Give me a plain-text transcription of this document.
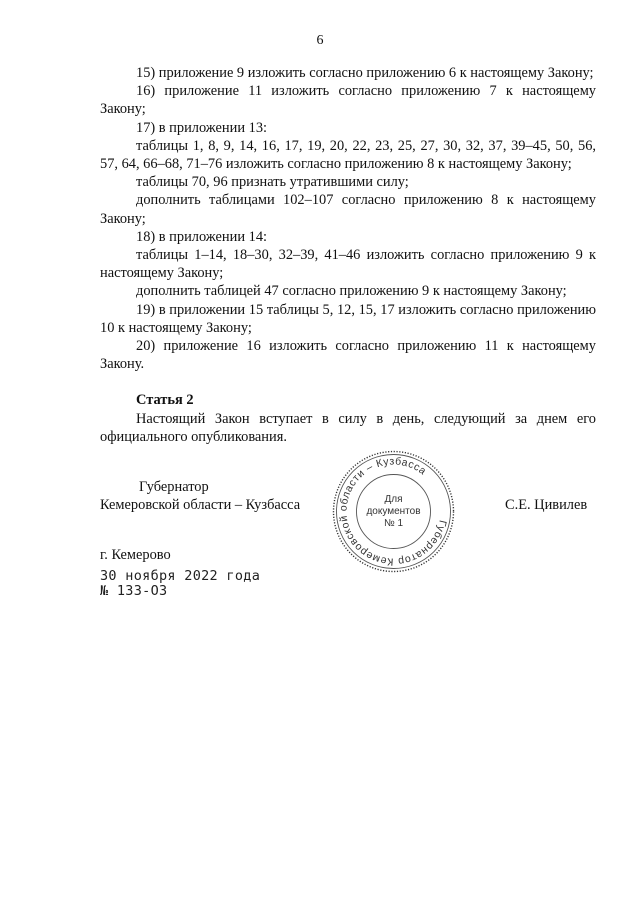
6

15) приложение 9 изложить согласно приложению 6 к настоящему Закону;

16) приложение 11 изложить согласно приложению 7 к настоящему Закону;

17) в приложении 13:

таблицы 1, 8, 9, 14, 16, 17, 19, 20, 22, 23, 25, 27, 30, 32, 37, 39–45, 50, 56, 57, 64, 66–68, 71–76 изложить согласно приложению 8 к настоящему Закону;

таблицы 70, 96 признать утратившими силу;

дополнить таблицами 102–107 согласно приложению 8 к настоящему Закону;

18) в приложении 14:

таблицы 1–14, 18–30, 32–39, 41–46 изложить согласно приложению 9 к настоящему Закону;

дополнить таблицей 47 согласно приложению 9 к настоящему Закону;

19) в приложении 15 таблицы 5, 12, 15, 17 изложить согласно приложению 10 к настоящему Закону;

20) приложение 16 изложить согласно приложению 11 к настоящему Закону.

Статья 2

Настоящий Закон вступает в силу в день, следующий за днем его официального опубликования.

Губернатор
Кемеровской области – Кузбасса	С.Е. Цивилев
Губернатор Кемеровской области – Кузбасса
Для
документов
№ 1
г. Кемерово
30 ноября 2022 года
№ 133-ОЗ
